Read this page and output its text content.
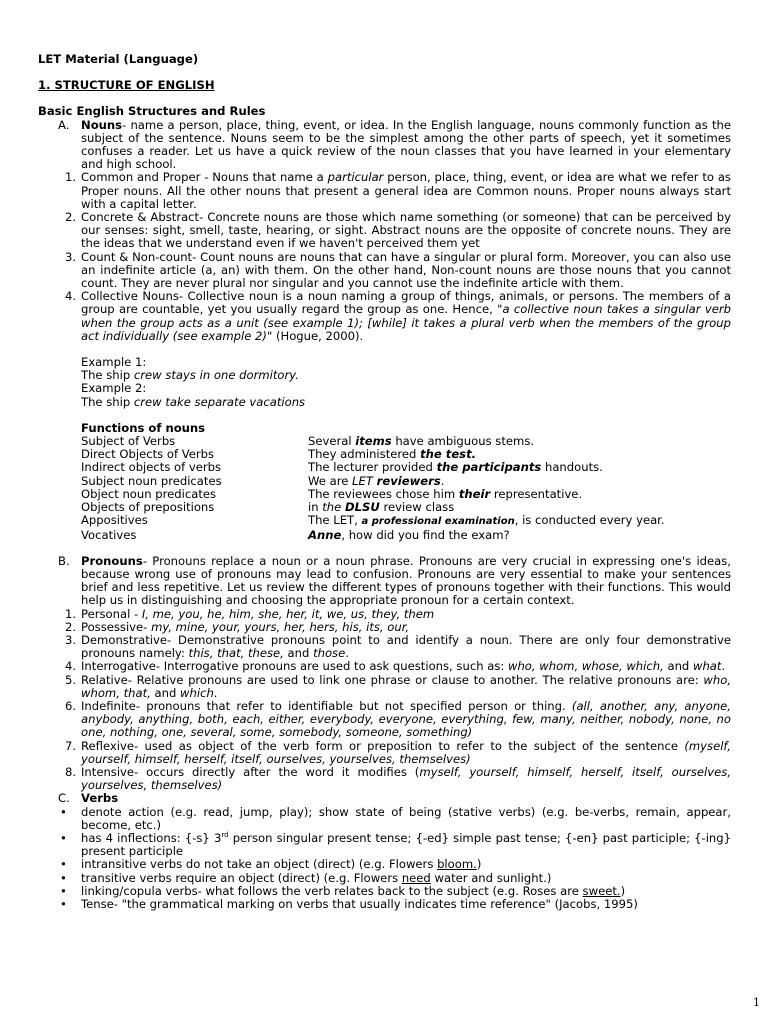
LET Material (Language)

1. STRUCTURE OF ENGLISH

Basic English Structures and Rules

A. Nouns- name a person, place, thing, event, or idea. In the English language, nouns commonly function as the subject of the sentence. Nouns seem to be the simplest among the other parts of speech, yet it sometimes confuses a reader. Let us have a quick review of the noun classes that you have learned in your elementary and high school.

1. Common and Proper - Nouns that name a particular person, place, thing, event, or idea are what we refer to as Proper nouns. All the other nouns that present a general idea are Common nouns. Proper nouns always start with a capital letter.

2. Concrete & Abstract- Concrete nouns are those which name something (or someone) that can be perceived by our senses: sight, smell, taste, hearing, or sight. Abstract nouns are the opposite of concrete nouns. They are the ideas that we understand even if we haven't perceived them yet

3. Count & Non-count- Count nouns are nouns that can have a singular or plural form. Moreover, you can also use an indefinite article (a, an) with them. On the other hand, Non-count nouns are those nouns that you cannot count. They are never plural nor singular and you cannot use the indefinite article with them.

4. Collective Nouns- Collective noun is a noun naming a group of things, animals, or persons. The members of a group are countable, yet you usually regard the group as one. Hence, "a collective noun takes a singular verb when the group acts as a unit (see example 1); [while] it takes a plural verb when the members of the group act individually (see example 2)" (Hogue, 2000).

Example 1:

The ship crew stays in one dormitory.

Example 2:

The ship crew take separate vacations

Functions of nouns

Subject of Verbs	Several items have ambiguous stems.
Direct Objects of Verbs	They administered the test.
Indirect objects of verbs	The lecturer provided the participants handouts.
Subject noun predicates	We are LET reviewers.
Object noun predicates	The reviewees chose him their representative.
Objects of prepositions	in the DLSU review class
Appositives	The LET, a professional examination, is conducted every year.
Vocatives	Anne, how did you find the exam?
B. Pronouns- Pronouns replace a noun or a noun phrase. Pronouns are very crucial in expressing one's ideas, because wrong use of pronouns may lead to confusion. Pronouns are very essential to make your sentences brief and less repetitive. Let us review the different types of pronouns together with their functions. This would help us in distinguishing and choosing the appropriate pronoun for a certain context.

1. Personal - I, me, you, he, him, she, her, it, we, us, they, them

2. Possessive- my, mine, your, yours, her, hers, his, its, our,

3. Demonstrative- Demonstrative pronouns point to and identify a noun. There are only four demonstrative pronouns namely: this, that, these, and those.

4. Interrogative- Interrogative pronouns are used to ask questions, such as: who, whom, whose, which, and what.

5. Relative- Relative pronouns are used to link one phrase or clause to another. The relative pronouns are: who, whom, that, and which.

6. Indefinite- pronouns that refer to identifiable but not specified person or thing. (all, another, any, anyone, anybody, anything, both, each, either, everybody, everyone, everything, few, many, neither, nobody, none, no one, nothing, one, several, some, somebody, someone, something)

7. Reflexive- used as object of the verb form or preposition to refer to the subject of the sentence (myself, yourself, himself, herself, itself, ourselves, yourselves, themselves)

8. Intensive- occurs directly after the word it modifies (myself, yourself, himself, herself, itself, ourselves, yourselves, themselves)

C. Verbs

• denote action (e.g. read, jump, play); show state of being (stative verbs) (e.g. be-verbs, remain, appear, become, etc.)

• has 4 inflections: {-s} 3rd person singular present tense; {-ed} simple past tense; {-en} past participle; {-ing} present participle

• intransitive verbs do not take an object (direct) (e.g. Flowers bloom.)

• transitive verbs require an object (direct) (e.g. Flowers need water and sunlight.)

• linking/copula verbs- what follows the verb relates back to the subject (e.g. Roses are sweet.)

• Tense- "the grammatical marking on verbs that usually indicates time reference" (Jacobs, 1995)

1
